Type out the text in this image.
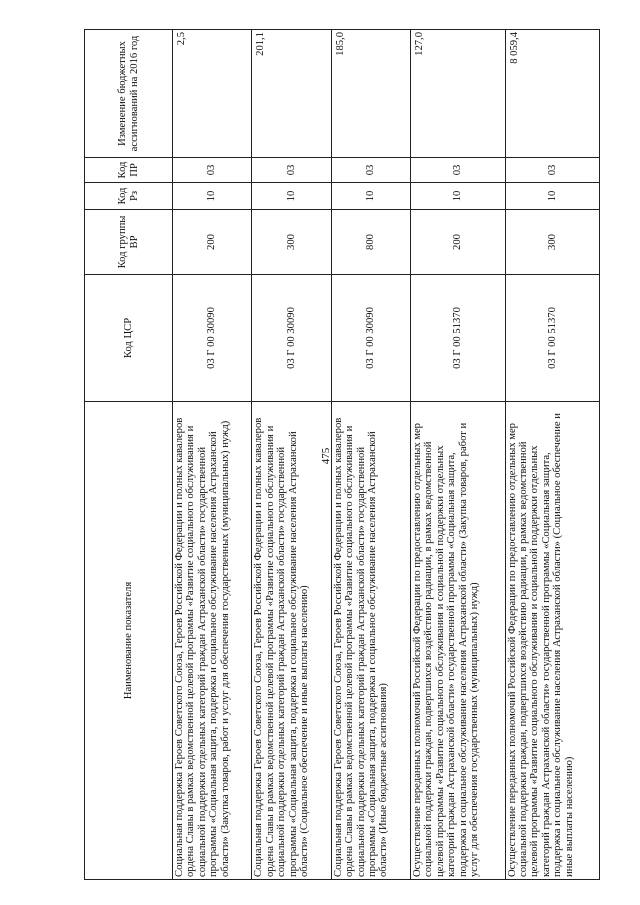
475
Наименование показателя	Код ЦСР	Код группы ВР	Код Рз	Код ПР	Изменение бюджетных ассигнований на 2016 год
Социальная поддержка Героев Советского Союза, Героев Российской Федерации и полных кавалеров ордена Славы в рамках ведомственной целевой программы «Развитие социального обслуживания и социальной поддержки отдельных категорий граждан Астраханской области» государственной программы «Социальная защита, поддержка и социальное обслуживание населения Астраханской области» (Закупка товаров, работ и услуг для обеспечения государственных (муниципальных) нужд)	03 Г 00 30090	200	10	03	2,5
Социальная поддержка Героев Советского Союза, Героев Российской Федерации и полных кавалеров ордена Славы в рамках ведомственной целевой программы «Развитие социального обслуживания и социальной поддержки отдельных категорий граждан Астраханской области» государственной программы «Социальная защита, поддержка и социальное обслуживание населения Астраханской области» (Социальное обеспечение и иные выплаты населению)	03 Г 00 30090	300	10	03	201,1
Социальная поддержка Героев Советского Союза, Героев Российской Федерации и полных кавалеров ордена Славы в рамках ведомственной целевой программы «Развитие социального обслуживания и социальной поддержки отдельных категорий граждан Астраханской области» государственной программы «Социальная защита, поддержка и социальное обслуживание населения Астраханской области» (Иные бюджетные ассигнования)	03 Г 00 30090	800	10	03	185,0
Осуществление переданных полномочий Российской Федерации по предоставлению отдельных мер социальной поддержки граждан, подвергшихся воздействию радиации, в рамках ведомственной целевой программы «Развитие социального обслуживания и социальной поддержки отдельных категорий граждан Астраханской области» государственной программы «Социальная защита, поддержка и социальное обслуживание населения Астраханской области» (Закупка товаров, работ и услуг для обеспечения государственных (муниципальных) нужд)	03 Г 00 51370	200	10	03	127,0
Осуществление переданных полномочий Российской Федерации по предоставлению отдельных мер социальной поддержки граждан, подвергшихся воздействию радиации, в рамках ведомственной целевой программы «Развитие социального обслуживания и социальной поддержки отдельных категорий граждан Астраханской области» государственной программы «Социальная защита, поддержка и социальное обслуживание населения Астраханской области» (Социальное обеспечение и иные выплаты населению)	03 Г 00 51370	300	10	03	8 059,4
